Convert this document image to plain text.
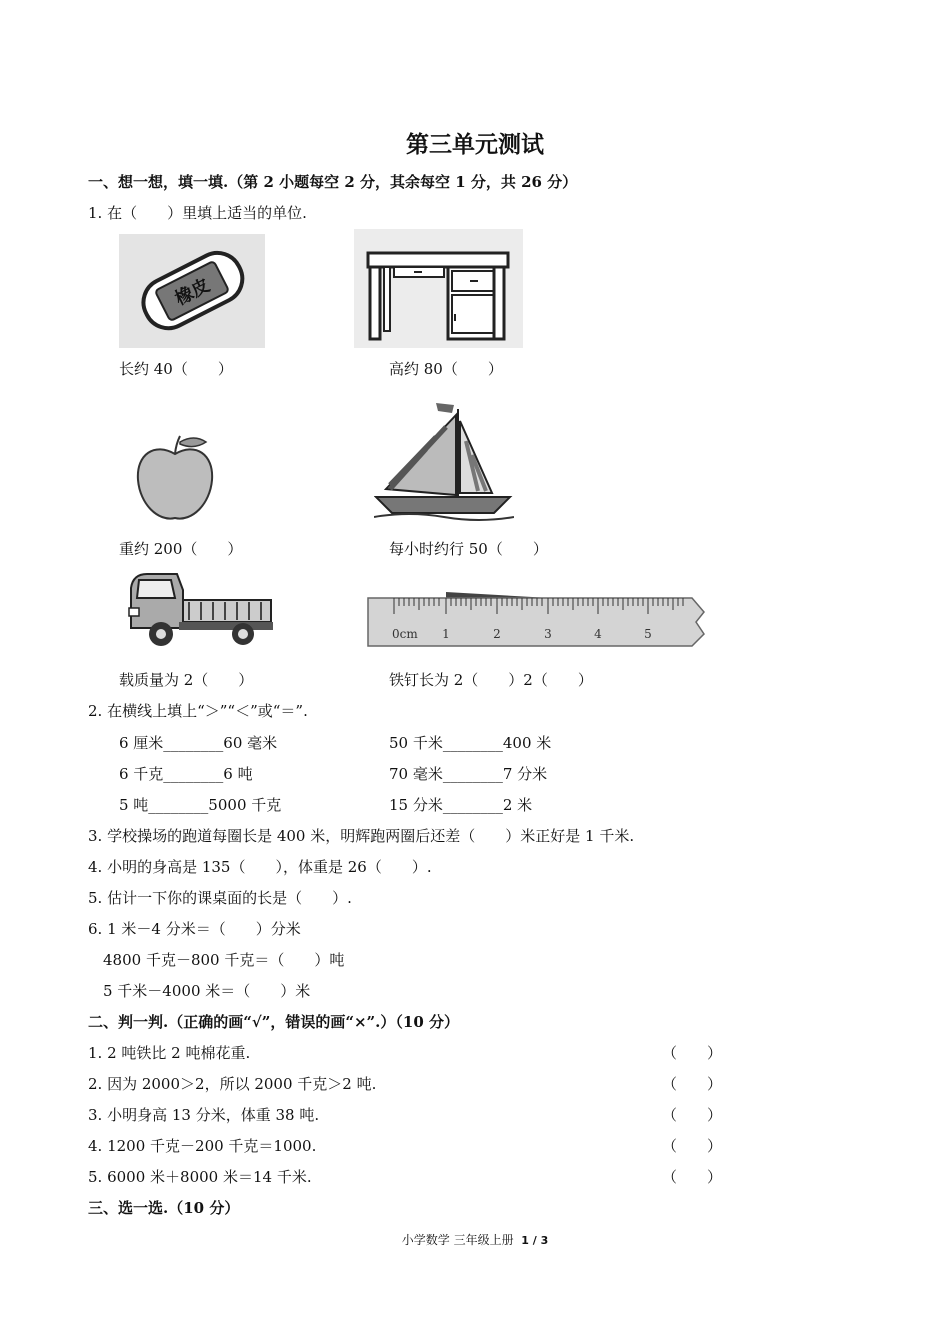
第三单元测试
一、想一想，填一填.（第 2 小题每空 2 分，其余每空 1 分，共 26 分）
1. 在（　　）里填上适当的单位.
橡皮
长约 40（　　）	高约 80（　　）
重约 200（　　）	每小时约行 50（　　）
0cm 1	2	3	4	5
载质量为 2（　　）	铁钉长为 2（　　）2（　　）
2. 在横线上填上“＞”“＜”或“＝”.
6 厘米________60 毫米	50 千米________400 米
6 千克________6 吨	70 毫米________7 分米
5 吨________5000 千克	15 分米________2 米
3. 学校操场的跑道每圈长是 400 米，明辉跑两圈后还差（　　）米正好是 1 千米.
4. 小明的身高是 135（　　），体重是 26（　　）.
5. 估计一下你的课桌面的长是（　　）.
6. 1 米－4 分米＝（　　）分米
4800 千克－800 千克＝（　　）吨
5 千米－4000 米＝（　　）米
二、判一判.（正确的画“√”，错误的画“×”.）（10 分）
1. 2 吨铁比 2 吨棉花重.	（　　）
2. 因为 2000＞2，所以 2000 千克＞2 吨.	（　　）
3. 小明身高 13 分米，体重 38 吨.	（　　）
4. 1200 千克－200 千克＝1000.	（　　）
5. 6000 米＋8000 米＝14 千米.	（　　）
三、选一选.（10 分）
小学数学 三年级上册 1 / 3
